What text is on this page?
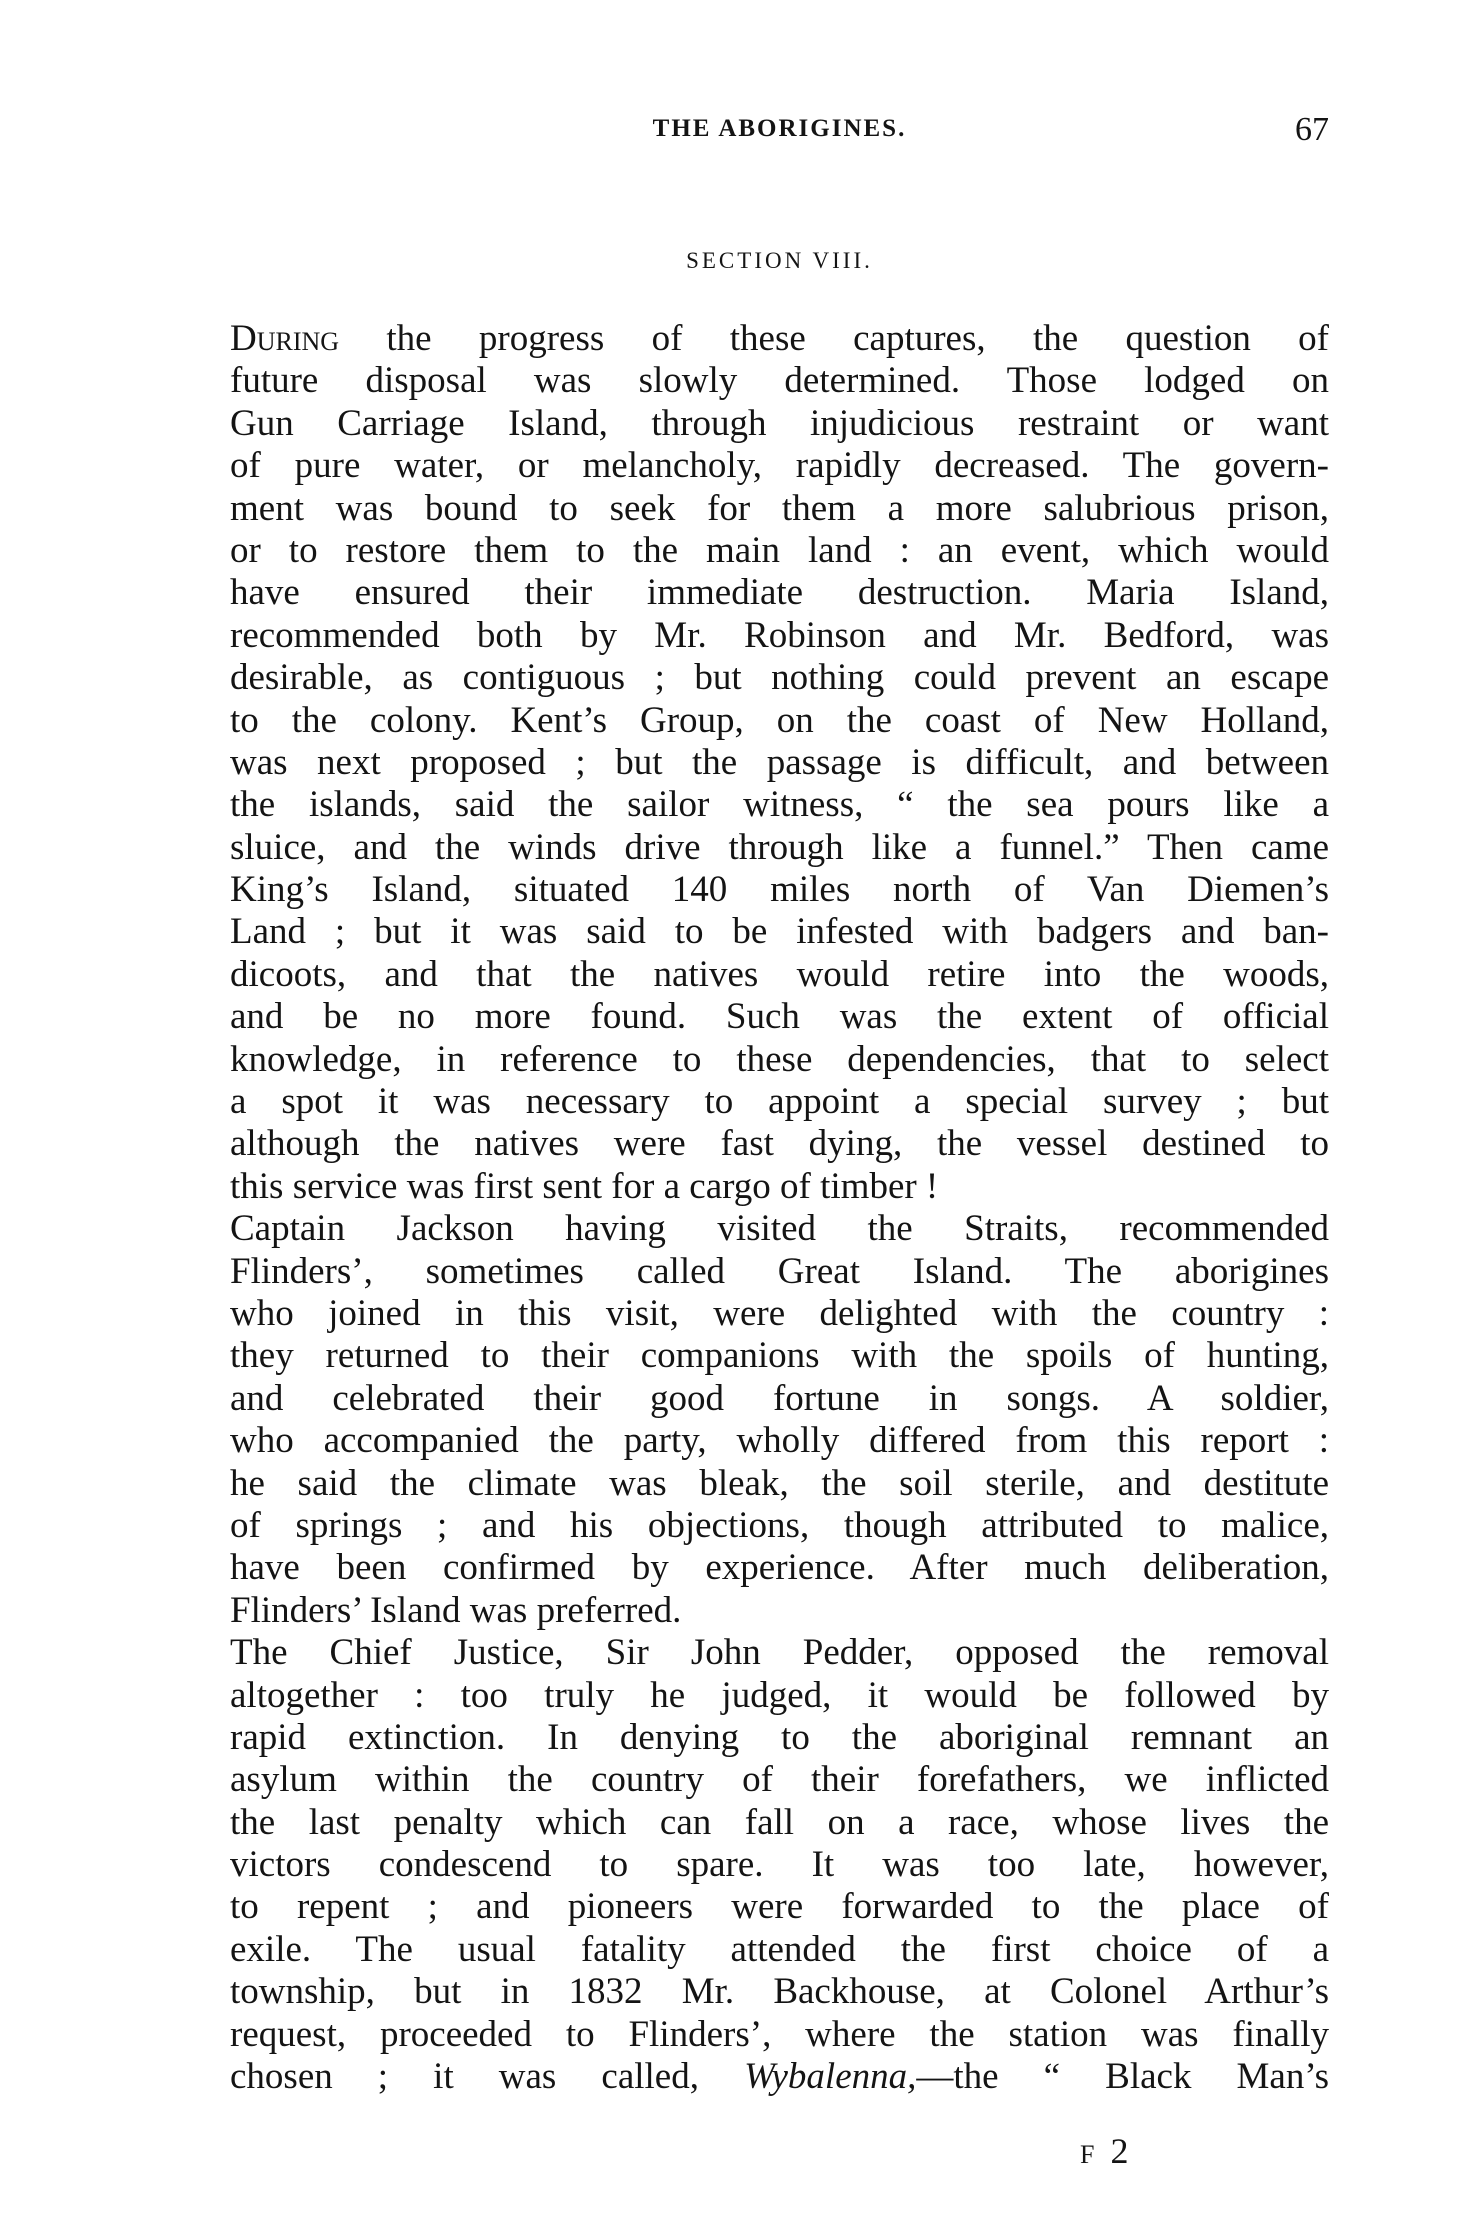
THE ABORIGINES.	67
SECTION VIII.
During the progress of these captures, the question of
future disposal was slowly determined. Those lodged on
Gun Carriage Island, through injudicious restraint or want
of pure water, or melancholy, rapidly decreased. The govern-
ment was bound to seek for them a more salubrious prison,
or to restore them to the main land : an event, which would
have ensured their immediate destruction. Maria Island,
recommended both by Mr. Robinson and Mr. Bedford, was
desirable, as contiguous ; but nothing could prevent an escape
to the colony. Kent’s Group, on the coast of New Holland,
was next proposed ; but the passage is difficult, and between
the islands, said the sailor witness, “ the sea pours like a
sluice, and the winds drive through like a funnel.” Then came
King’s Island, situated 140 miles north of Van Diemen’s
Land ; but it was said to be infested with badgers and ban-
dicoots, and that the natives would retire into the woods,
and be no more found. Such was the extent of official
knowledge, in reference to these dependencies, that to select
a spot it was necessary to appoint a special survey ; but
although the natives were fast dying, the vessel destined to
this service was first sent for a cargo of timber !
Captain Jackson having visited the Straits, recommended
Flinders’, sometimes called Great Island. The aborigines
who joined in this visit, were delighted with the country :
they returned to their companions with the spoils of hunting,
and celebrated their good fortune in songs. A soldier,
who accompanied the party, wholly differed from this report :
he said the climate was bleak, the soil sterile, and destitute
of springs ; and his objections, though attributed to malice,
have been confirmed by experience. After much deliberation,
Flinders’ Island was preferred.
The Chief Justice, Sir John Pedder, opposed the removal
altogether : too truly he judged, it would be followed by
rapid extinction. In denying to the aboriginal remnant an
asylum within the country of their forefathers, we inflicted
the last penalty which can fall on a race, whose lives the
victors condescend to spare. It was too late, however,
to repent ; and pioneers were forwarded to the place of
exile. The usual fatality attended the first choice of a
township, but in 1832 Mr. Backhouse, at Colonel Arthur’s
request, proceeded to Flinders’, where the station was finally
chosen ; it was called, Wybalenna,—the “ Black Man’s
F 2
